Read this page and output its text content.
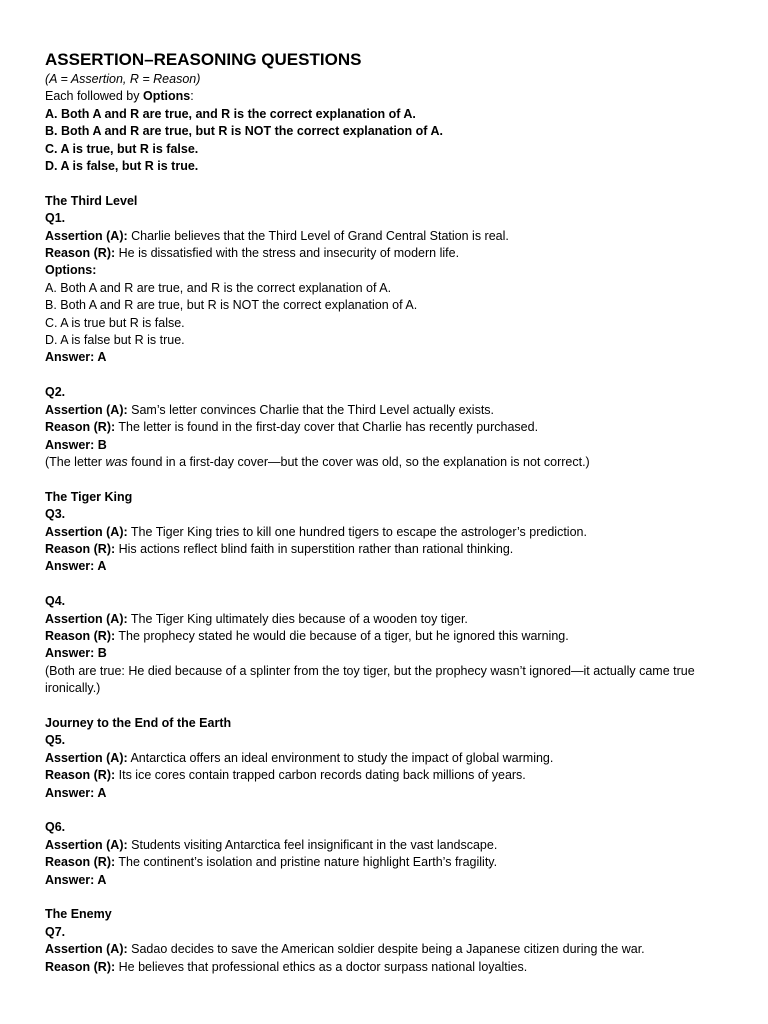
ASSERTION–REASONING QUESTIONS
(A = Assertion, R = Reason)
Each followed by Options:
A. Both A and R are true, and R is the correct explanation of A.
B. Both A and R are true, but R is NOT the correct explanation of A.
C. A is true, but R is false.
D. A is false, but R is true.
The Third Level
Q1.
Assertion (A): Charlie believes that the Third Level of Grand Central Station is real.
Reason (R): He is dissatisfied with the stress and insecurity of modern life.
Options:
A. Both A and R are true, and R is the correct explanation of A.
B. Both A and R are true, but R is NOT the correct explanation of A.
C. A is true but R is false.
D. A is false but R is true.
Answer: A
Q2.
Assertion (A): Sam’s letter convinces Charlie that the Third Level actually exists.
Reason (R): The letter is found in the first-day cover that Charlie has recently purchased.
Answer: B
(The letter was found in a first-day cover—but the cover was old, so the explanation is not correct.)
The Tiger King
Q3.
Assertion (A): The Tiger King tries to kill one hundred tigers to escape the astrologer’s prediction.
Reason (R): His actions reflect blind faith in superstition rather than rational thinking.
Answer: A
Q4.
Assertion (A): The Tiger King ultimately dies because of a wooden toy tiger.
Reason (R): The prophecy stated he would die because of a tiger, but he ignored this warning.
Answer: B
(Both are true: He died because of a splinter from the toy tiger, but the prophecy wasn’t ignored—it actually came true ironically.)
Journey to the End of the Earth
Q5.
Assertion (A): Antarctica offers an ideal environment to study the impact of global warming.
Reason (R): Its ice cores contain trapped carbon records dating back millions of years.
Answer: A
Q6.
Assertion (A): Students visiting Antarctica feel insignificant in the vast landscape.
Reason (R): The continent’s isolation and pristine nature highlight Earth’s fragility.
Answer: A
The Enemy
Q7.
Assertion (A): Sadao decides to save the American soldier despite being a Japanese citizen during the war.
Reason (R): He believes that professional ethics as a doctor surpass national loyalties.
